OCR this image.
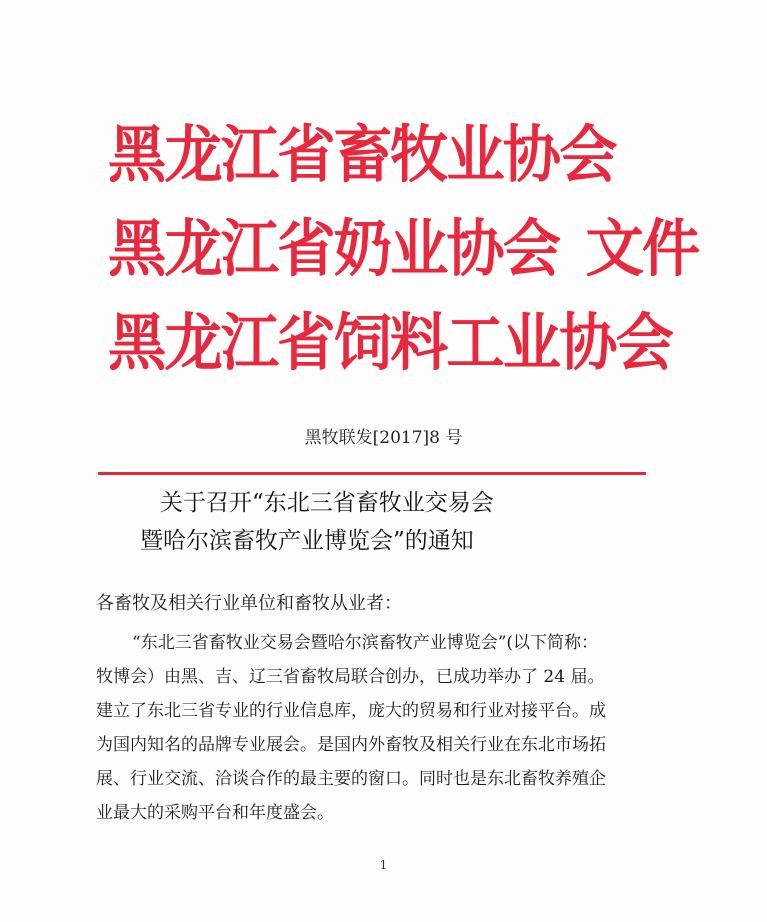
黑龙江省畜牧业协会
黑龙江省奶业协会 文件
黑龙江省饲料工业协会
黑牧联发[2017]8 号
关于召开“东北三省畜牧业交易会
暨哈尔滨畜牧产业博览会”的通知

各畜牧及相关行业单位和畜牧从业者：

“东北三省畜牧业交易会暨哈尔滨畜牧产业博览会”(以下简称：
牧博会）由黑、吉、辽三省畜牧局联合创办，已成功举办了 24 届。
建立了东北三省专业的行业信息库，庞大的贸易和行业对接平台。成
为国内知名的品牌专业展会。是国内外畜牧及相关行业在东北市场拓
展、行业交流、洽谈合作的最主要的窗口。同时也是东北畜牧养殖企
业最大的采购平台和年度盛会。

1
